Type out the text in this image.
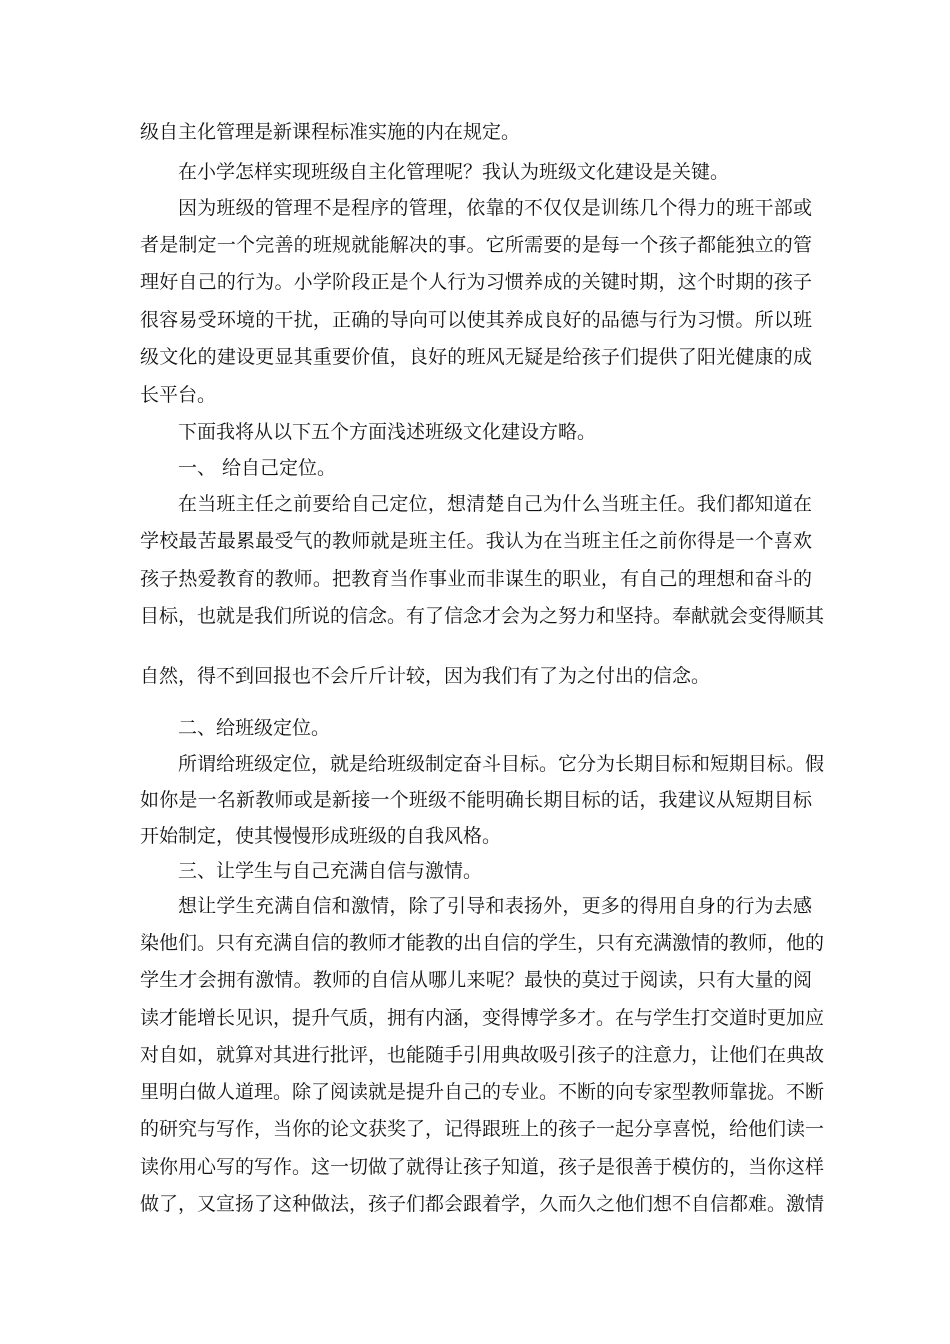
级自主化管理是新课程标准实施的内在规定。
在小学怎样实现班级自主化管理呢？我认为班级文化建设是关键。
因为班级的管理不是程序的管理，依靠的不仅仅是训练几个得力的班干部或
者是制定一个完善的班规就能解决的事。它所需要的是每一个孩子都能独立的管
理好自己的行为。小学阶段正是个人行为习惯养成的关键时期，这个时期的孩子
很容易受环境的干扰，正确的导向可以使其养成良好的品德与行为习惯。所以班
级文化的建设更显其重要价值，良好的班风无疑是给孩子们提供了阳光健康的成
长平台。
下面我将从以下五个方面浅述班级文化建设方略。
一、 给自己定位。
在当班主任之前要给自己定位，想清楚自己为什么当班主任。我们都知道在
学校最苦最累最受气的教师就是班主任。我认为在当班主任之前你得是一个喜欢
孩子热爱教育的教师。把教育当作事业而非谋生的职业，有自己的理想和奋斗的
目标，也就是我们所说的信念。有了信念才会为之努力和坚持。奉献就会变得顺其
自然，得不到回报也不会斤斤计较，因为我们有了为之付出的信念。
二、给班级定位。
所谓给班级定位，就是给班级制定奋斗目标。它分为长期目标和短期目标。假
如你是一名新教师或是新接一个班级不能明确长期目标的话，我建议从短期目标
开始制定，使其慢慢形成班级的自我风格。
三、让学生与自己充满自信与激情。
想让学生充满自信和激情，除了引导和表扬外，更多的得用自身的行为去感
染他们。只有充满自信的教师才能教的出自信的学生，只有充满激情的教师，他的
学生才会拥有激情。教师的自信从哪儿来呢？最快的莫过于阅读，只有大量的阅
读才能增长见识，提升气质，拥有内涵，变得博学多才。在与学生打交道时更加应
对自如，就算对其进行批评，也能随手引用典故吸引孩子的注意力，让他们在典故
里明白做人道理。除了阅读就是提升自己的专业。不断的向专家型教师靠拢。不断
的研究与写作，当你的论文获奖了，记得跟班上的孩子一起分享喜悦，给他们读一
读你用心写的写作。这一切做了就得让孩子知道，孩子是很善于模仿的，当你这样
做了，又宣扬了这种做法，孩子们都会跟着学，久而久之他们想不自信都难。激情
